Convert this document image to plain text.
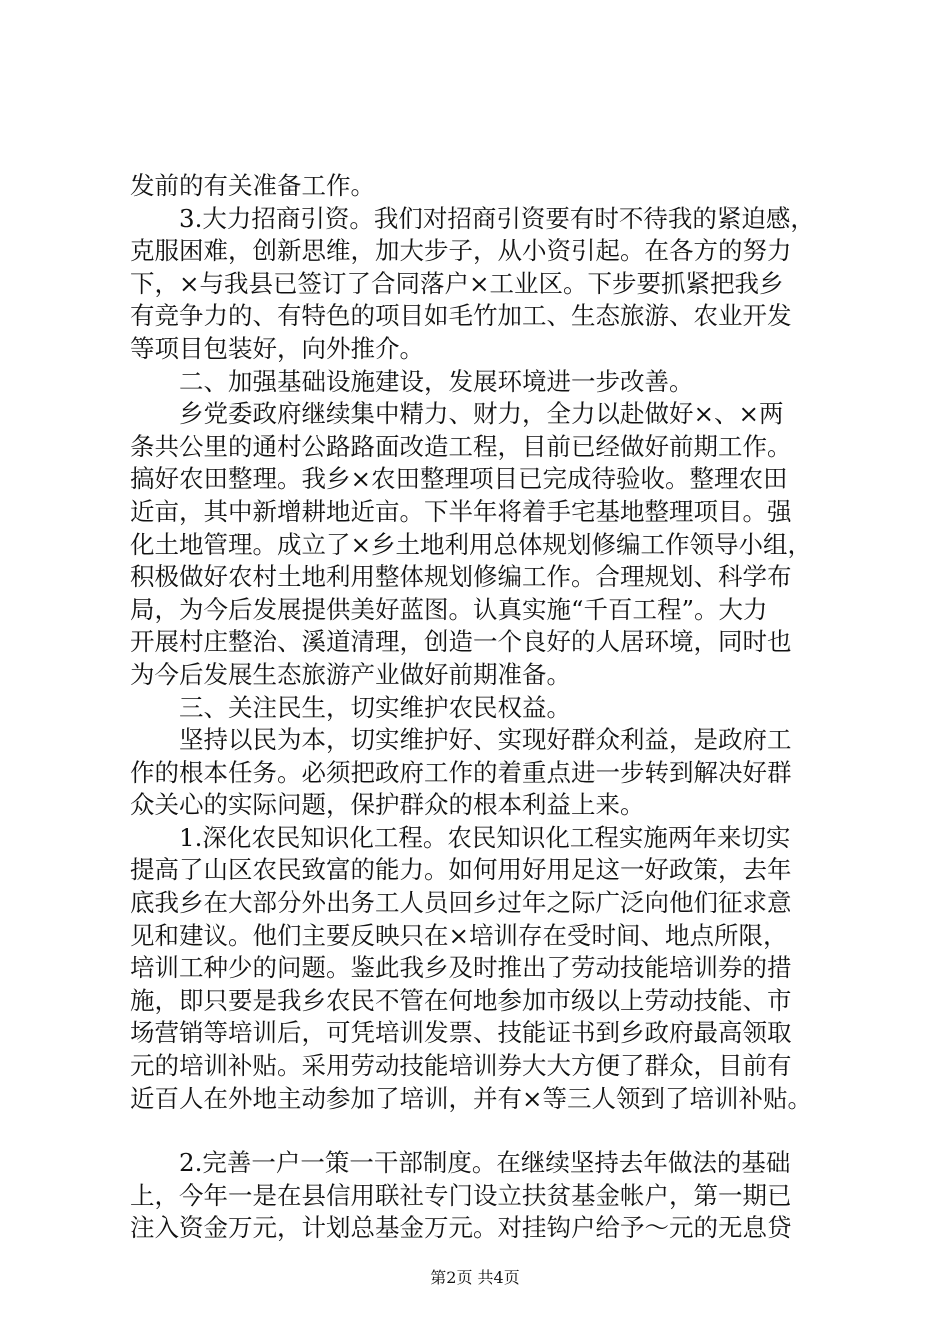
发前的有关准备工作。
　　3.大力招商引资。我们对招商引资要有时不待我的紧迫感，
克服困难，创新思维，加大步子，从小资引起。在各方的努力
下，×与我县已签订了合同落户×工业区。下步要抓紧把我乡
有竞争力的、有特色的项目如毛竹加工、生态旅游、农业开发
等项目包装好，向外推介。
　　二、加强基础设施建设，发展环境进一步改善。
　　乡党委政府继续集中精力、财力，全力以赴做好×、×两
条共公里的通村公路路面改造工程，目前已经做好前期工作。
搞好农田整理。我乡×农田整理项目已完成待验收。整理农田
近亩，其中新增耕地近亩。下半年将着手宅基地整理项目。强
化土地管理。成立了×乡土地利用总体规划修编工作领导小组，
积极做好农村土地利用整体规划修编工作。合理规划、科学布
局，为今后发展提供美好蓝图。认真实施“千百工程”。大力
开展村庄整治、溪道清理，创造一个良好的人居环境，同时也
为今后发展生态旅游产业做好前期准备。
　　三、关注民生，切实维护农民权益。
　　坚持以民为本，切实维护好、实现好群众利益，是政府工
作的根本任务。必须把政府工作的着重点进一步转到解决好群
众关心的实际问题，保护群众的根本利益上来。
　　1.深化农民知识化工程。农民知识化工程实施两年来切实
提高了山区农民致富的能力。如何用好用足这一好政策，去年
底我乡在大部分外出务工人员回乡过年之际广泛向他们征求意
见和建议。他们主要反映只在×培训存在受时间、地点所限，
培训工种少的问题。鉴此我乡及时推出了劳动技能培训券的措
施，即只要是我乡农民不管在何地参加市级以上劳动技能、市
场营销等培训后，可凭培训发票、技能证书到乡政府最高领取
元的培训补贴。采用劳动技能培训券大大方便了群众，目前有
近百人在外地主动参加了培训，并有×等三人领到了培训补贴。
　　2.完善一户一策一干部制度。在继续坚持去年做法的基础
上，今年一是在县信用联社专门设立扶贫基金帐户，第一期已
注入资金万元，计划总基金万元。对挂钩户给予～元的无息贷
第2页 共4页
